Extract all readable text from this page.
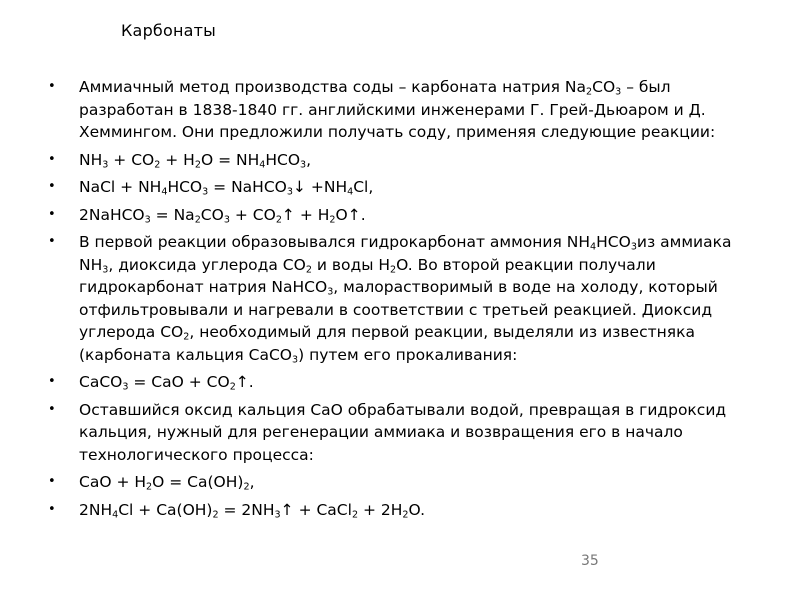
Карбонаты
• Аммиачный метод производства соды – карбоната натрия $Na_2CO_3$ – был разработан в 1838-1840 гг. английскими инженерами Г. Грей-Дьюаром и Д. Хеммингом. Они предложили получать соду, применяя следующие реакции:
• $NH_3 + CO_2 + H_2O = NH_4HCO_3$,
• NaCl + $NH_4HCO_3$ = NaHCO$_3$↓ $+NH_4Cl$,
• 2NaHCO$_3$ = $Na_2CO_3$ + $CO_2↑$ + $H_2O↑$.
• В первой реакции образовывался гидрокарбонат аммония $NH_4HCO_3из$ аммиака $NH_3$, диоксида углерода $CO_2$ и воды $H_2O$. Во второй реакции получали гидрокарбонат натрия NaHCO$_3$, малорастворимый в воде на холоду, который отфильтровывали и нагревали в соответствии с третьей реакцией. Диоксид углерода $CO_2$, необходимый для первой реакции, выделяли из известняка (карбоната кальция CaCO$_3$) путем его прокаливания:
• CaCO$_3$ = CaO + $CO_2↑$.
• Оставшийся оксид кальция CaO обрабатывали водой, превращая в гидроксид кальция, нужный для регенерации аммиака и возвращения его в начало технологического процесса:
• CaO + $H_2O = Ca(OH)_2$,
• $2NH_4Cl + Ca(OH)_2$ = $2NH_3↑$ + CaCl$_2$ + $2H_2O$.
35
